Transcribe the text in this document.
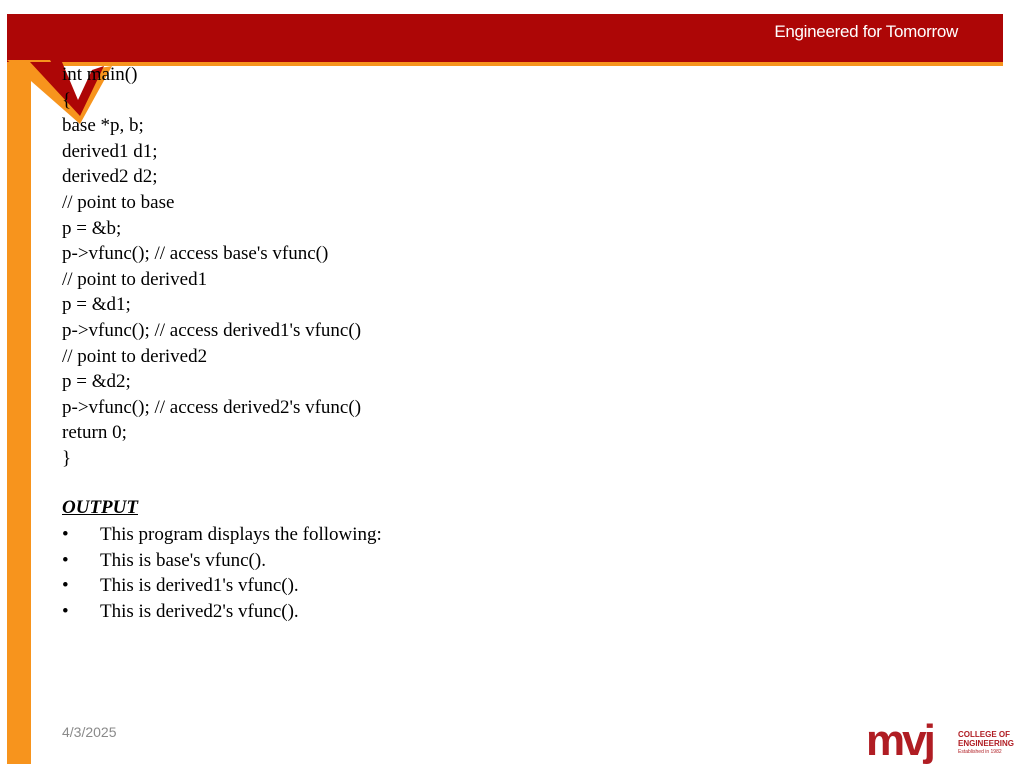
Engineered for Tomorrow
int main()
{
base *p, b;
derived1 d1;
derived2 d2;
// point to base
p = &b;
p->vfunc(); // access base's vfunc()
// point to derived1
p = &d1;
p->vfunc(); // access derived1's vfunc()
// point to derived2
p = &d2;
p->vfunc(); // access derived2's vfunc()
return 0;
}
OUTPUT
• This program displays the following:
• This is base's vfunc().
• This is derived1's vfunc().
• This is derived2's vfunc().
4/3/2025	mvj	COLLEGE OF
ENGINEERING
Established in 1982
